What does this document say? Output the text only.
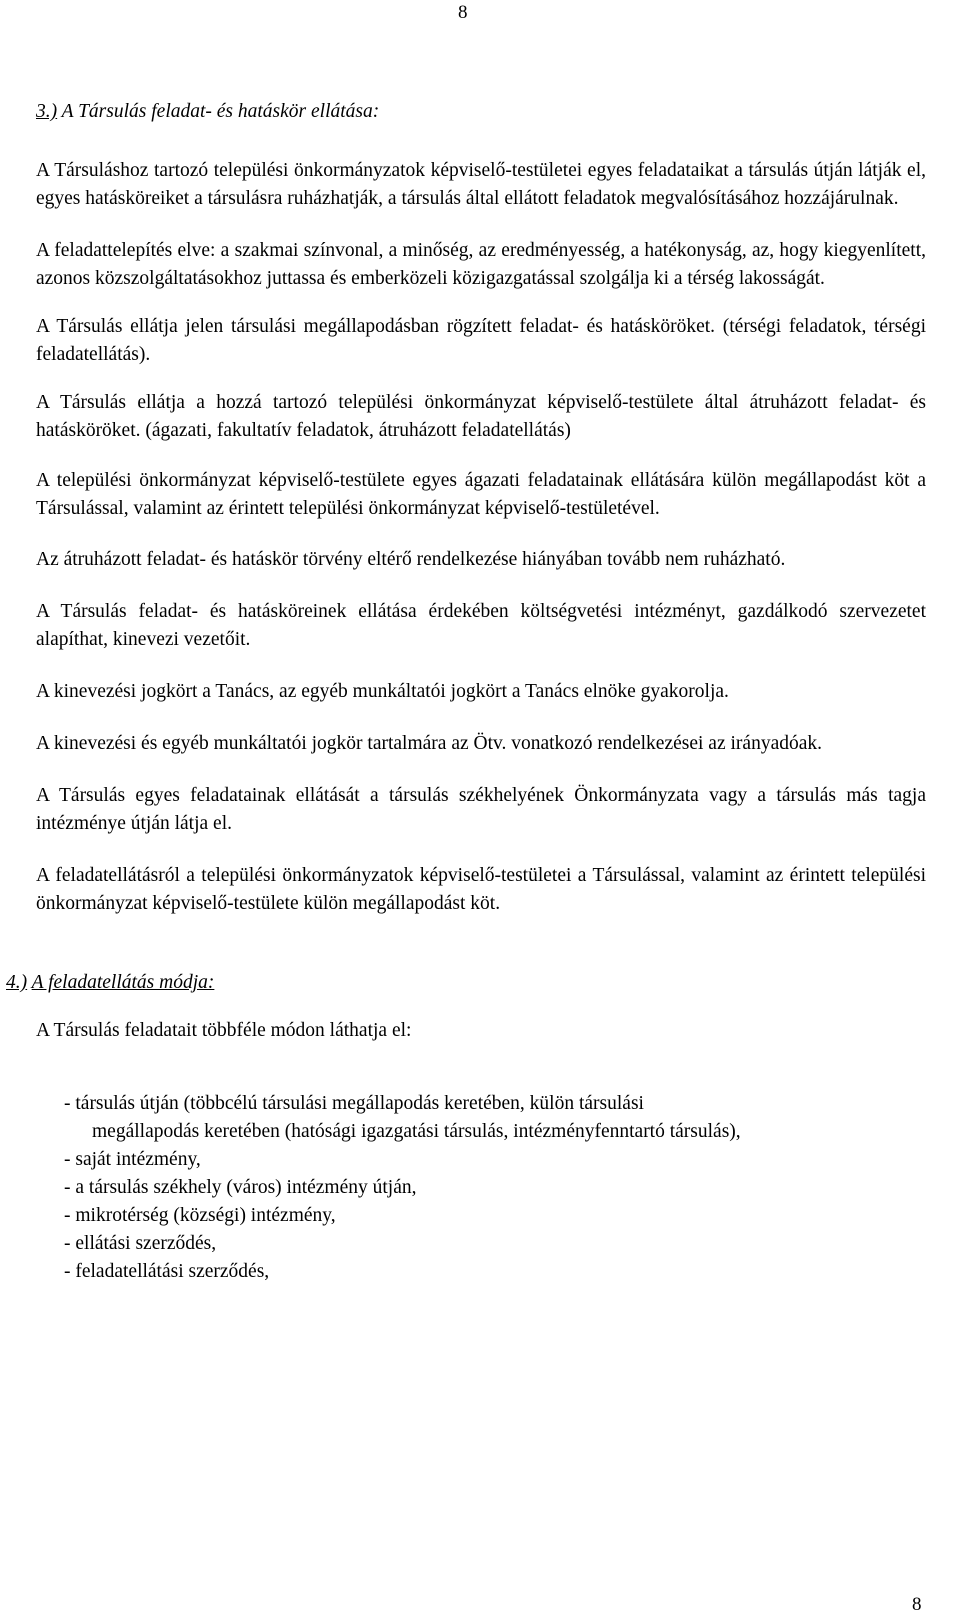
8

3.) A Társulás feladat- és hatáskör ellátása:

A Társuláshoz tartozó települési önkormányzatok képviselő-testületei egyes feladataikat a társulás útján látják el, egyes hatásköreiket a társulásra ruházhatják, a társulás által ellátott feladatok megvalósításához hozzájárulnak.

A feladattelepítés elve: a szakmai színvonal, a minőség, az eredményesség, a hatékonyság, az, hogy kiegyenlített, azonos közszolgáltatásokhoz juttassa és emberközeli közigazgatással szolgálja ki a térség lakosságát.

A Társulás ellátja jelen társulási megállapodásban rögzített feladat- és hatásköröket. (térségi feladatok, térségi feladatellátás).

A Társulás ellátja a hozzá tartozó települési önkormányzat képviselő-testülete által átruházott feladat- és hatásköröket. (ágazati, fakultatív feladatok, átruházott feladatellátás)

A települési önkormányzat képviselő-testülete egyes ágazati feladatainak ellátására külön megállapodást köt a Társulással, valamint az érintett települési önkormányzat képviselő-testületével.

Az átruházott feladat- és hatáskör törvény eltérő rendelkezése hiányában tovább nem ruházható.

A Társulás feladat- és hatásköreinek ellátása érdekében költségvetési intézményt, gazdálkodó szervezetet alapíthat, kinevezi vezetőit.

A kinevezési jogkört a Tanács, az egyéb munkáltatói jogkört a Tanács elnöke gyakorolja.

A kinevezési és egyéb munkáltatói jogkör tartalmára az Ötv. vonatkozó rendelkezései az irányadóak.

A Társulás egyes feladatainak ellátását a társulás székhelyének Önkormányzata vagy a társulás más tagja intézménye útján látja el.

A feladatellátásról a települési önkormányzatok képviselő-testületei a Társulással, valamint az érintett települési önkormányzat képviselő-testülete külön megállapodást köt.

4.) A feladatellátás módja:

A Társulás feladatait többféle módon láthatja el:

- társulás útján (többcélú társulási megállapodás keretében, külön társulási
megállapodás keretében (hatósági igazgatási társulás, intézményfenntartó társulás),
- saját intézmény,
- a társulás székhely (város) intézmény útján,
- mikrotérség (községi) intézmény,
- ellátási szerződés,
- feladatellátási szerződés,
8
